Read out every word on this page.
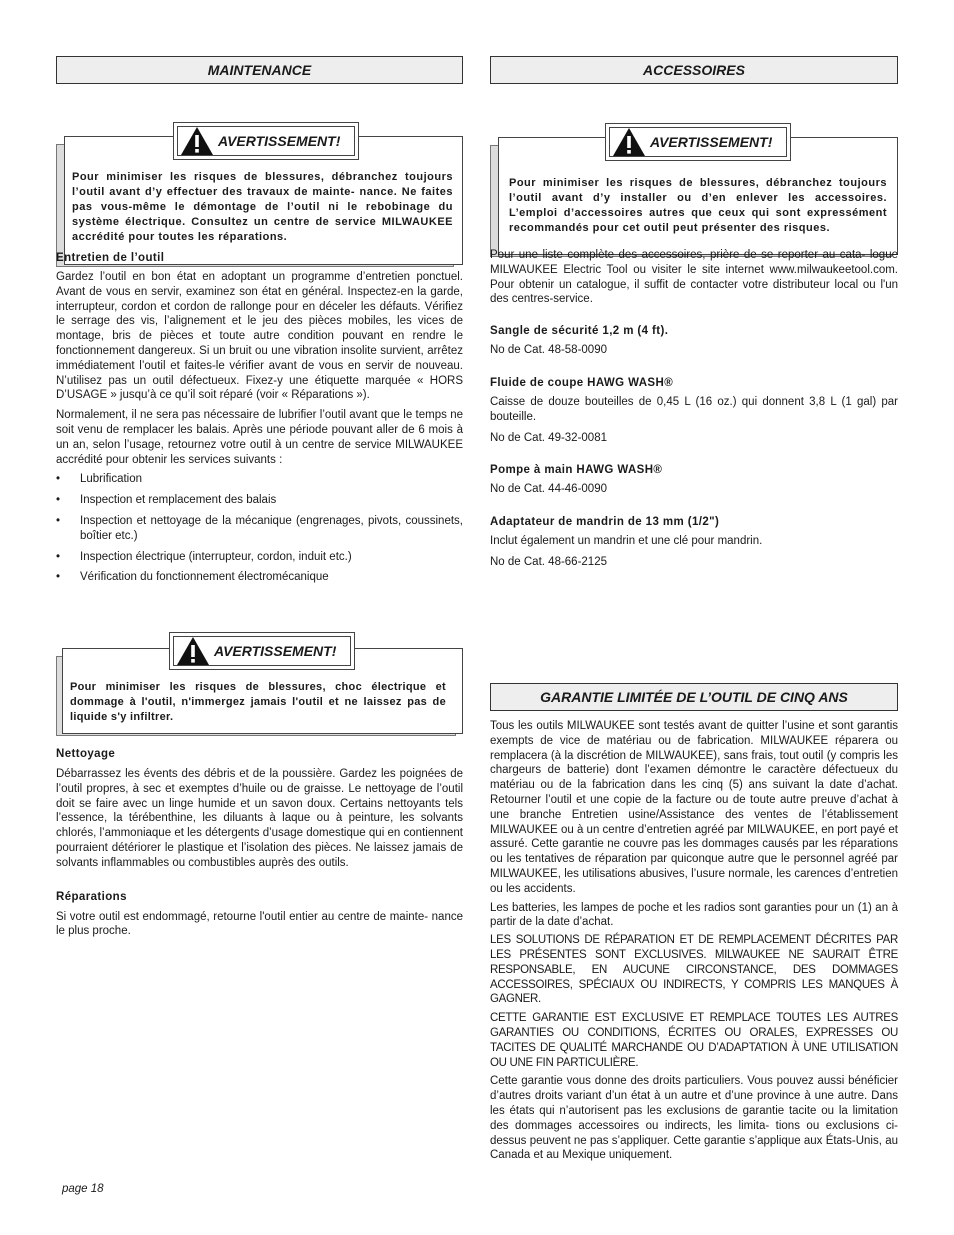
MAINTENANCE
Pour minimiser les risques de blessures, débranchez toujours l’outil avant d’y effectuer des travaux de mainte- nance. Ne faites pas vous-même le démontage de l’outil ni le rebobinage du système électrique. Consultez un centre de service MILWAUKEE accrédité pour toutes les réparations.
AVERTISSEMENT!
Entretien de l’outil

Gardez l’outil en bon état en adoptant un programme d’entretien ponctuel. Avant de vous en servir, examinez son état en général. Inspectez-en la garde, interrupteur, cordon et cordon de rallonge pour en déceler les défauts. Vérifiez le serrage des vis, l’alignement et le jeu des pièces mobiles, les vices de montage, bris de pièces et toute autre condition pouvant en rendre le fonctionnement dangereux. Si un bruit ou une vibration insolite survient, arrêtez immédiatement l’outil et faites-le vérifier avant de vous en servir de nouveau. N’utilisez pas un outil défectueux. Fixez-y une étiquette marquée « HORS D’USAGE » jusqu’à ce qu’il soit réparé (voir « Réparations »).

Normalement, il ne sera pas nécessaire de lubrifier l’outil avant que le temps ne soit venu de remplacer les balais. Après une période pouvant aller de 6 mois à un an, selon l’usage, retournez votre outil à un centre de service MILWAUKEE accrédité pour obtenir les services suivants :

• Lubrification
• Inspection et remplacement des balais
• Inspection et nettoyage de la mécanique (engrenages, pivots, coussinets, boîtier etc.)
• Inspection électrique (interrupteur, cordon, induit etc.)
• Vérification du fonctionnement électromécanique
Pour minimiser les risques de blessures, choc électrique et dommage à l'outil, n'immergez jamais l'outil et ne laissez pas de liquide s'y infiltrer.
AVERTISSEMENT!
Nettoyage

Débarrassez les évents des débris et de la poussière. Gardez les poignées de l’outil propres, à sec et exemptes d’huile ou de graisse. Le nettoyage de l’outil doit se faire avec un linge humide et un savon doux. Certains nettoyants tels l’essence, la térébenthine, les diluants à laque ou à peinture, les solvants chlorés, l’ammoniaque et les détergents d’usage domestique qui en contiennent pourraient détériorer le plastique et l’isolation des pièces. Ne laissez jamais de solvants inflammables ou combustibles auprès des outils.

Réparations

Si votre outil est endommagé, retourne l'outil entier au centre de mainte- nance le plus proche.

ACCESSOIRES
Pour minimiser les risques de blessures, débranchez toujours l’outil avant d’y installer ou d’en enlever les accessoires. L’emploi d’accessoires autres que ceux qui sont expressément recommandés pour cet outil peut présenter des risques.
AVERTISSEMENT!

Pour une liste complète des accessoires, prière de se reporter au cata- logue MILWAUKEE Electric Tool ou visiter le site internet www.milwaukeetool.com. Pour obtenir un catalogue, il suffit de contacter votre distributeur local ou l'un des centres-service.

Sangle de sécurité 1,2 m (4 ft).

No de Cat. 48-58-0090

Fluide de coupe HAWG WASH®

Caisse de douze bouteilles de 0,45 L (16 oz.) qui donnent 3,8 L (1 gal) par bouteille.

No de Cat. 49-32-0081

Pompe à main HAWG WASH®

No de Cat. 44-46-0090

Adaptateur de mandrin de 13 mm (1/2")

Inclut également un mandrin et une clé pour mandrin.

No de Cat. 48-66-2125

GARANTIE LIMITÉE DE L’OUTIL DE CINQ ANS

Tous les outils MILWAUKEE sont testés avant de quitter l’usine et sont garantis exempts de vice de matériau ou de fabrication. MILWAUKEE réparera ou remplacera (à la discrétion de MILWAUKEE), sans frais, tout outil (y compris les chargeurs de batterie) dont l’examen démontre le caractère défectueux du matériau ou de la fabrication dans les cinq (5) ans suivant la date d’achat. Retourner l’outil et une copie de la facture ou de toute autre preuve d’achat à une branche Entretien usine/Assistance des ventes de l’établissement MILWAUKEE ou à un centre d’entretien agréé par MILWAUKEE, en port payé et assuré. Cette garantie ne couvre pas les dommages causés par les réparations ou les tentatives de réparation par quiconque autre que le personnel agréé par MILWAUKEE, les utilisations abusives, l’usure normale, les carences d’entretien ou les accidents.

Les batteries, les lampes de poche et les radios sont garanties pour un (1) an à partir de la date d’achat.

LES SOLUTIONS DE RÉPARATION ET DE REMPLACEMENT DÉCRITES PAR LES PRÉSENTES SONT EXCLUSIVES. MILWAUKEE NE SAURAIT ÊTRE RESPONSABLE, EN AUCUNE CIRCONSTANCE, DES DOMMAGES ACCESSOIRES, SPÉCIAUX OU INDIRECTS, Y COMPRIS LES MANQUES À GAGNER.

CETTE GARANTIE EST EXCLUSIVE ET REMPLACE TOUTES LES AUTRES GARANTIES OU CONDITIONS, ÉCRITES OU ORALES, EXPRESSES OU TACITES DE QUALITÉ MARCHANDE OU D’ADAPTATION À UNE UTILISATION OU UNE FIN PARTICULIÈRE.

Cette garantie vous donne des droits particuliers. Vous pouvez aussi bénéficier d’autres droits variant d’un état à un autre et d’une province à une autre. Dans les états qui n’autorisent pas les exclusions de garantie tacite ou la limitation des dommages accessoires ou indirects, les limita- tions ou exclusions ci-dessus peuvent ne pas s’appliquer. Cette garantie s’applique aux États-Unis, au Canada et au Mexique uniquement.

page 18
